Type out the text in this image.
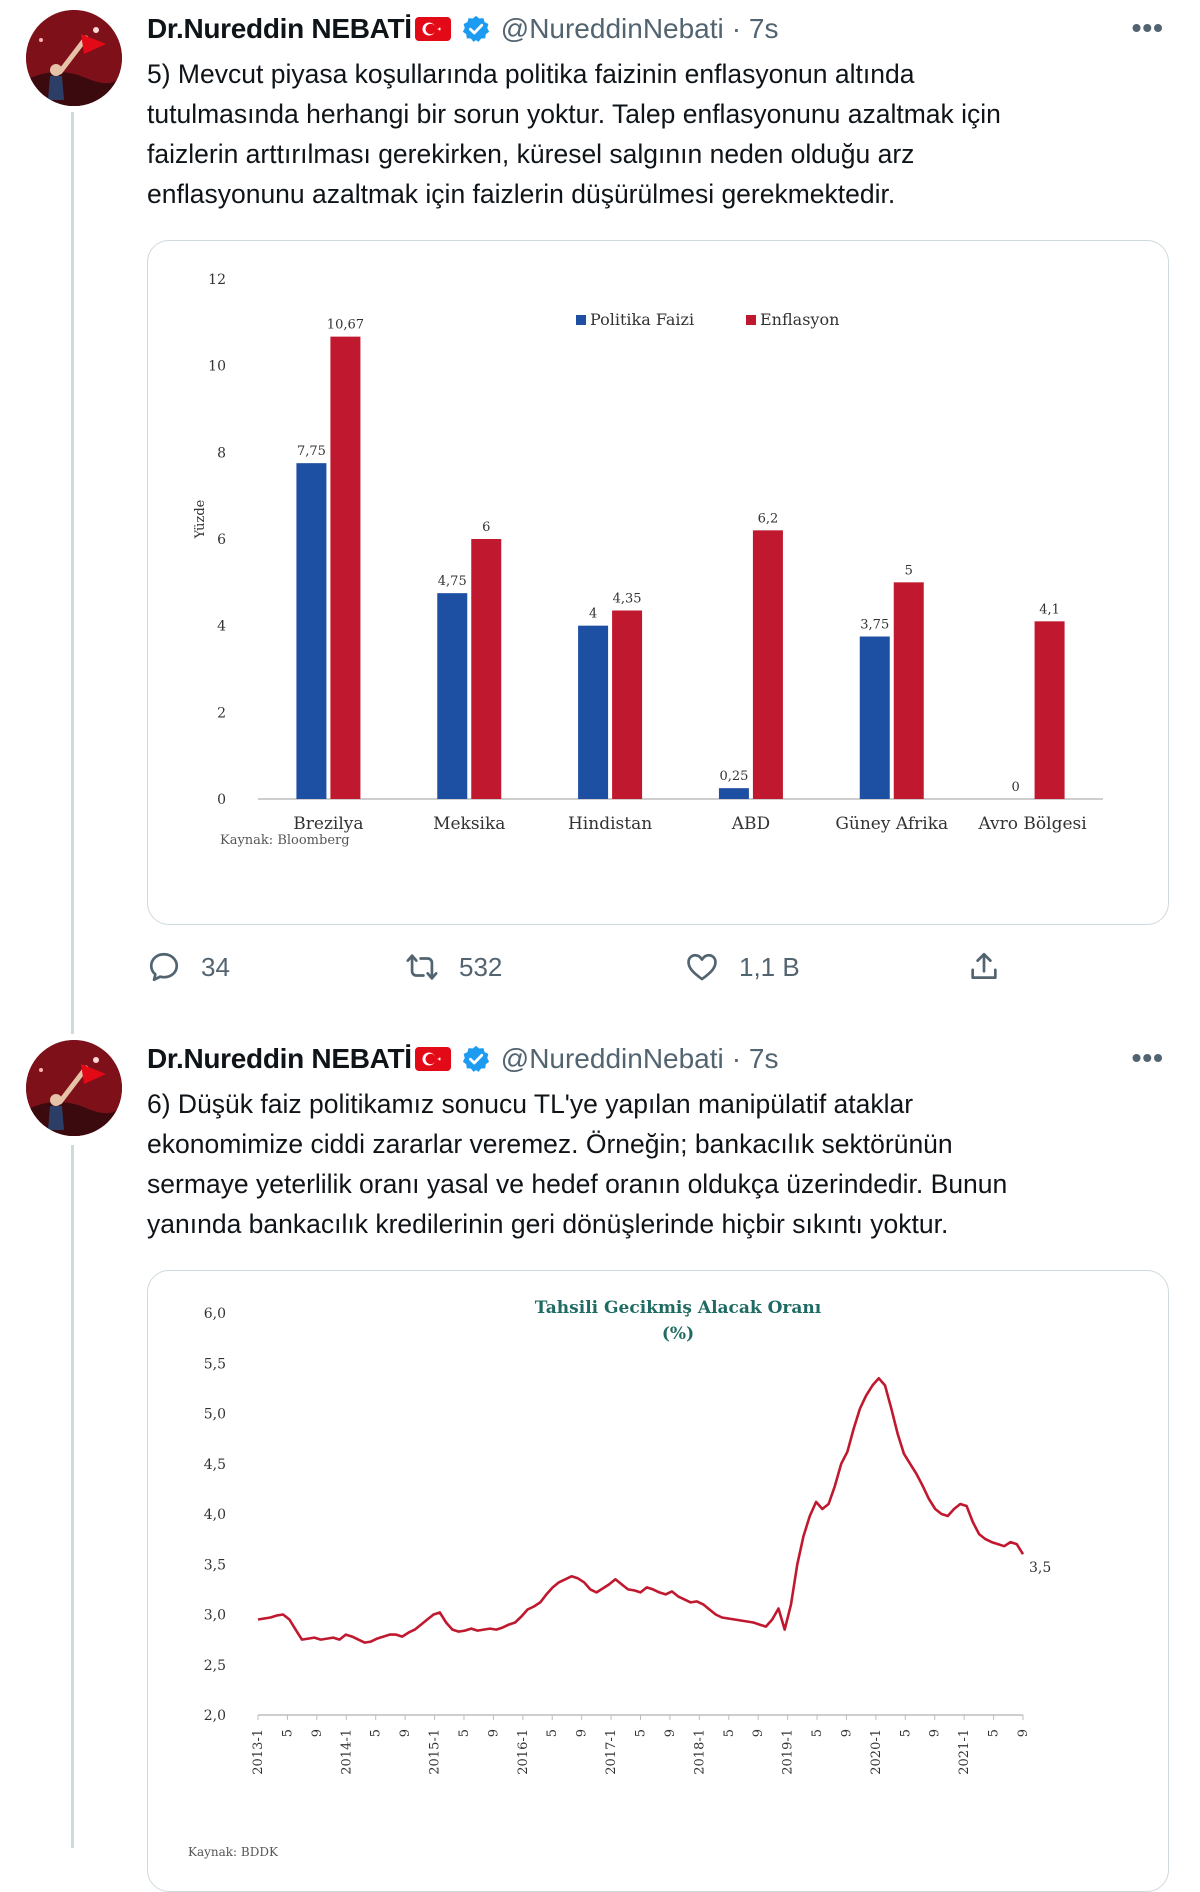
Dr.Nureddin NEBATİ	@NureddinNebati · 7s	•••
5) Mevcut piyasa koşullarında politika faizinin enflasyonun altında
tutulmasında herhangi bir sorun yoktur. Talep enflasyonunu azaltmak için
faizlerin arttırılması gerekirken, küresel salgının neden olduğu arz
enflasyonunu azaltmak için faizlerin düşürülmesi gerekmektedir.
0
2
4
6
8
10
12
Yüzde
Brezilya
7,75
10,67
Meksika
4,75
6
Hindistan
4
4,35
ABD
0,25
6,2
Güney Afrika
3,75
5
Avro Bölgesi
0
4,1
Politika Faizi	Enflasyon
Kaynak: Bloomberg
34	532	1,1 B
Dr.Nureddin NEBATİ	@NureddinNebati · 7s	•••
6) Düşük faiz politikamız sonucu TL'ye yapılan manipülatif ataklar
ekonomimize ciddi zararlar veremez. Örneğin; bankacılık sektörünün
sermaye yeterlilik oranı yasal ve hedef oranın oldukça üzerindedir. Bunun
yanında bankacılık kredilerinin geri dönüşlerinde hiçbir sıkıntı yoktur.
Tahsili Gecikmiş Alacak Oranı
(%)
2,0
2,5
3,0
3,5
4,0
4,5
5,0
5,5
6,0
2013-1 5 9 2014-1 5 9 2015-1 5 9 2016-1 5 9 2017-1 5 9 2018-1 5 9 2019-1 5 9 2020-1 5 9 2021-1 5 9
3,5
Kaynak: BDDK
